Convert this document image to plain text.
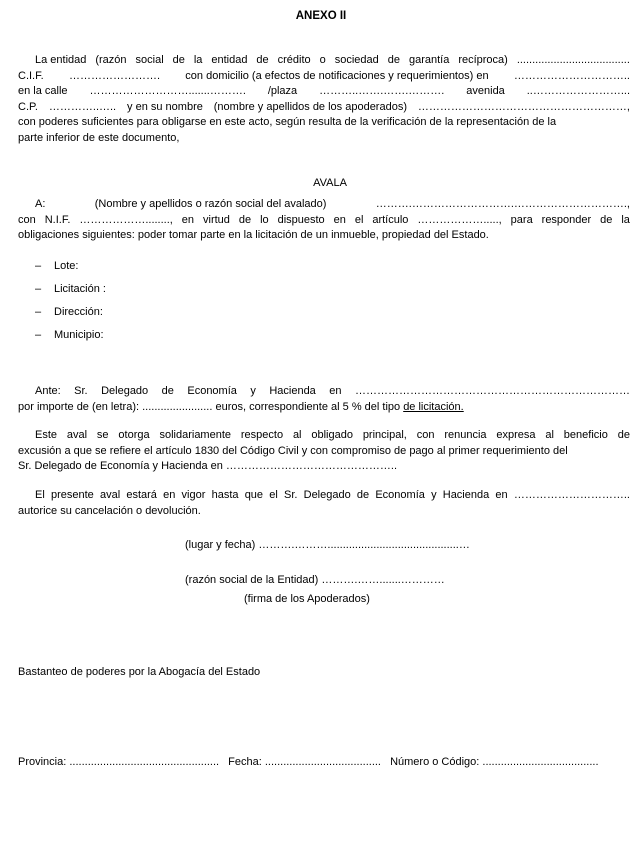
ANEXO II
La entidad (razón social de la entidad de crédito o sociedad de garantía recíproca) .....................................
C.I.F. ……………………. con domicilio (a efectos de notificaciones y requerimientos) en …………………………..
en la calle ……………………….......………. /plaza ………..…….…….………. avenida ..……………………...
C.P. …………..….. y en su nombre (nombre y apellidos de los apoderados) …………………………………………………,
con poderes suficientes para obligarse en este acto, según resulta de la verificación de la representación de la
parte inferior de este documento,
AVALA
A:	(Nombre y apellidos o razón social del avalado)	……….……………………….………………………….,
con N.I.F. ………………........, en virtud de lo dispuesto en el artículo ………………....., para responder de la
obligaciones siguientes: poder tomar parte en la licitación de un inmueble, propiedad del Estado.
– Lote:
– Licitación :
– Dirección:
– Municipio:
Ante: Sr. Delegado de Economía y Hacienda en …………………………………………………………………
por importe de (en letra): ....................... euros, correspondiente al 5 % del tipo de licitación.
Este aval se otorga solidariamente respecto al obligado principal, con renuncia expresa al beneficio de
excusión a que se refiere el artículo 1830 del Código Civil y con compromiso de pago al primer requerimiento del
Sr. Delegado de Economía y Hacienda en ………………………………………..
El presente aval estará en vigor hasta que el Sr. Delegado de Economía y Hacienda en …………………………..
autorice su cancelación o devolución.
(lugar y fecha) ……….………...........................................…
(razón social de la Entidad) ……….…….......…………
(firma de los Apoderados)
Bastanteo de poderes por la Abogacía del Estado
Provincia: ................................................. Fecha: ...................................... Número o Código: ......................................
